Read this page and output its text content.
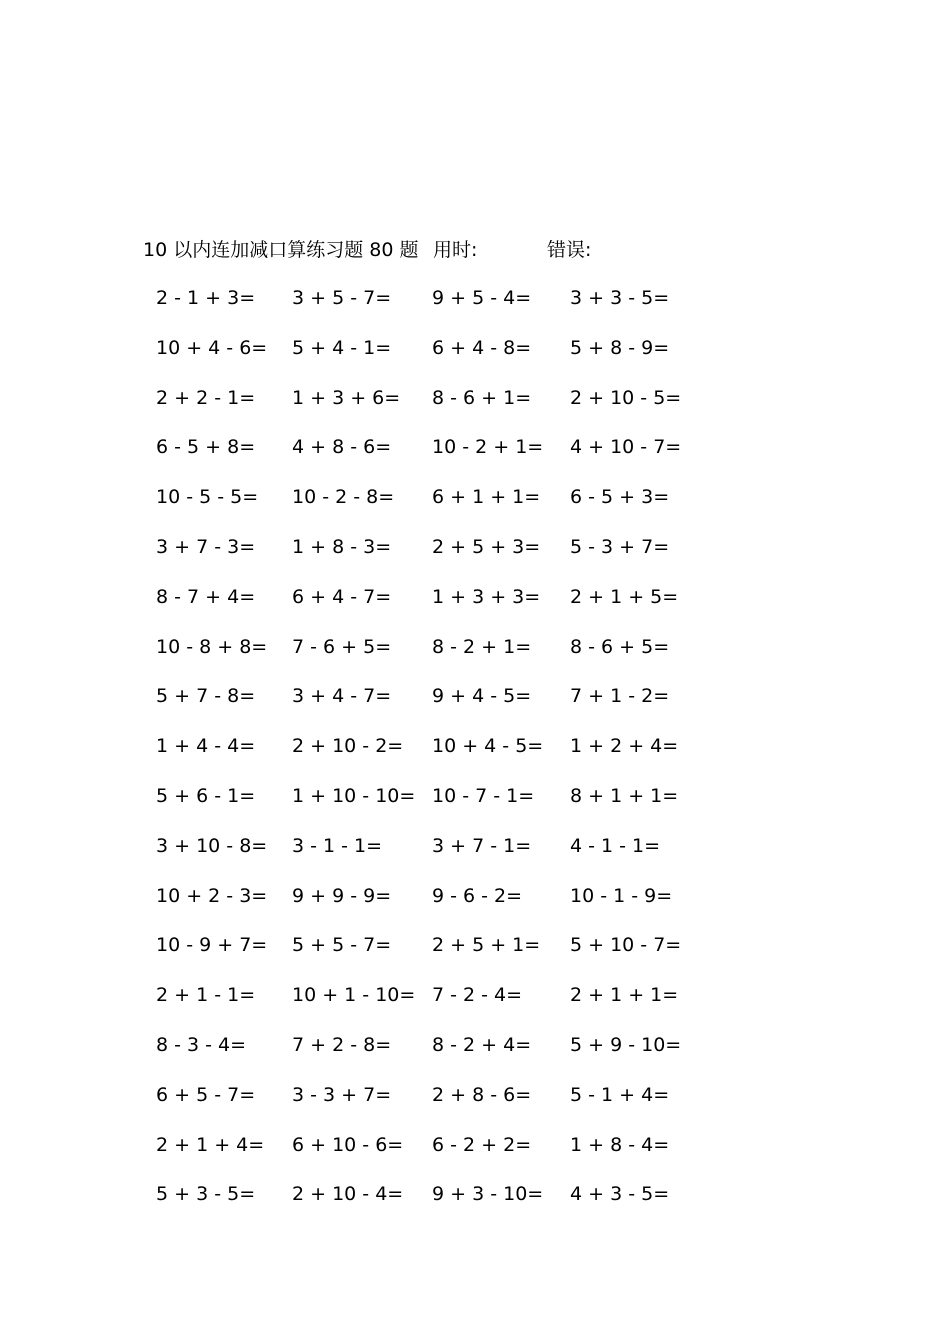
10 以内连加减口算练习题 80 题 用时:	错误:
2 - 1 + 3= 3 + 5 - 7= 9 + 5 - 4= 3 + 3 - 5=
10 + 4 - 6= 5 + 4 - 1= 6 + 4 - 8= 5 + 8 - 9=
2 + 2 - 1= 1 + 3 + 6= 8 - 6 + 1= 2 + 10 - 5=
6 - 5 + 8= 4 + 8 - 6= 10 - 2 + 1= 4 + 10 - 7=
10 - 5 - 5= 10 - 2 - 8= 6 + 1 + 1= 6 - 5 + 3=
3 + 7 - 3= 1 + 8 - 3= 2 + 5 + 3= 5 - 3 + 7=
8 - 7 + 4= 6 + 4 - 7= 1 + 3 + 3= 2 + 1 + 5=
10 - 8 + 8= 7 - 6 + 5= 8 - 2 + 1= 8 - 6 + 5=
5 + 7 - 8= 3 + 4 - 7= 9 + 4 - 5= 7 + 1 - 2=
1 + 4 - 4= 2 + 10 - 2= 10 + 4 - 5= 1 + 2 + 4=
5 + 6 - 1= 1 + 10 - 10= 10 - 7 - 1= 8 + 1 + 1=
3 + 10 - 8= 3 - 1 - 1=	3 + 7 - 1= 4 - 1 - 1=
10 + 2 - 3= 9 + 9 - 9= 9 - 6 - 2=	10 - 1 - 9=
10 - 9 + 7= 5 + 5 - 7= 2 + 5 + 1= 5 + 10 - 7=
2 + 1 - 1= 10 + 1 - 10= 7 - 2 - 4=	2 + 1 + 1=
8 - 3 - 4= 7 + 2 - 8= 8 - 2 + 4= 5 + 9 - 10=
6 + 5 - 7= 3 - 3 + 7= 2 + 8 - 6= 5 - 1 + 4=
2 + 1 + 4= 6 + 10 - 6= 6 - 2 + 2= 1 + 8 - 4=
5 + 3 - 5= 2 + 10 - 4= 9 + 3 - 10= 4 + 3 - 5=
